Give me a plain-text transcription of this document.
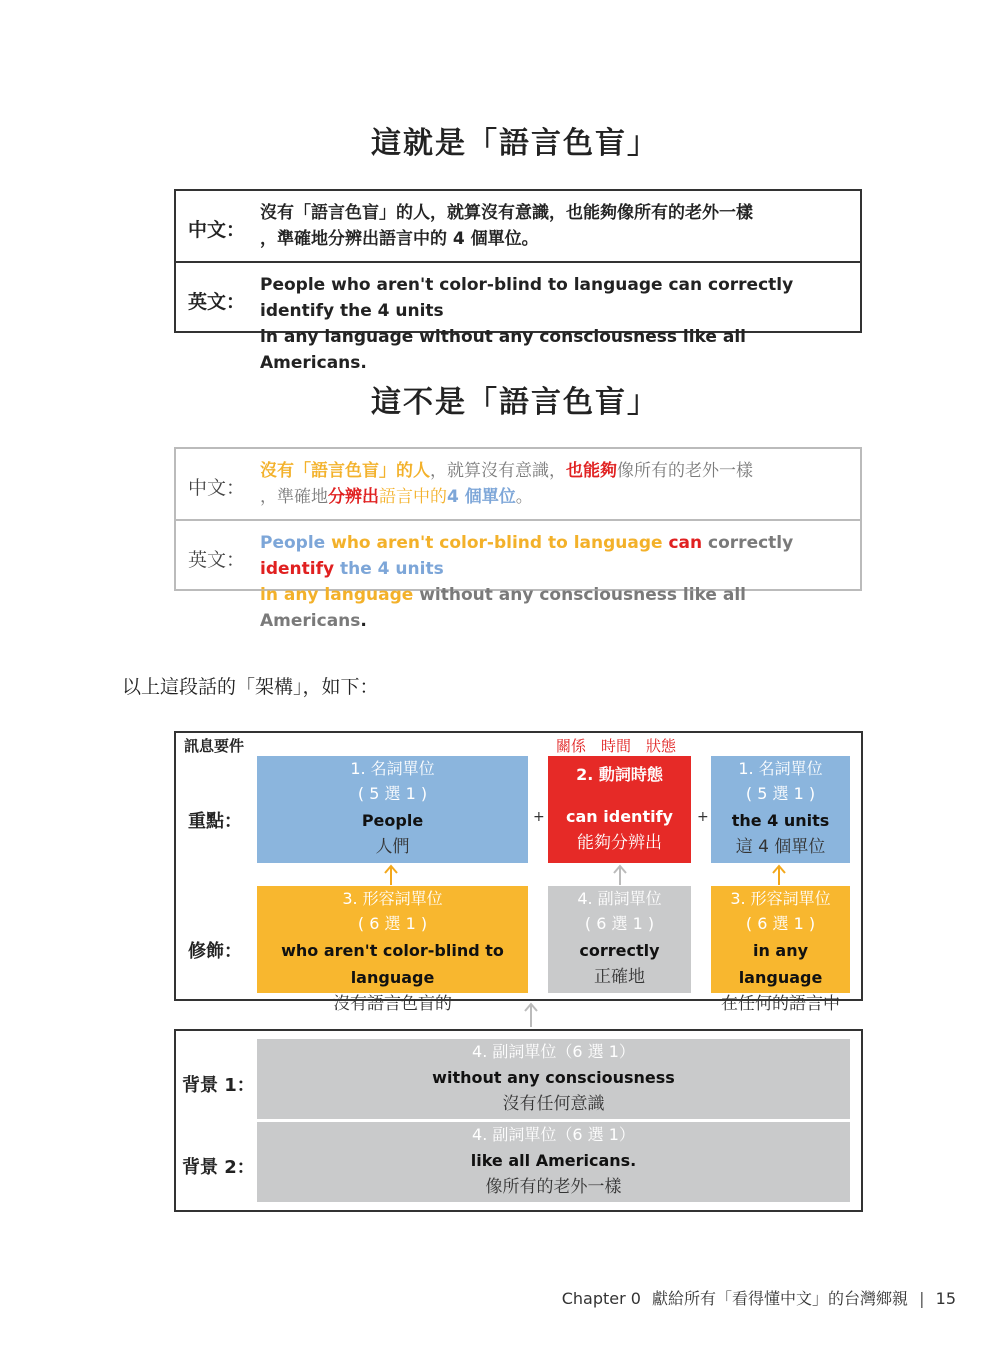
這就是「語言色盲」
中文：
沒有「語言色盲」的人，就算沒有意識，也能夠像所有的老外一樣
，準確地分辨出語言中的 4 個單位。
英文：
People who aren't color-blind to language can correctly identify the 4 units
in any language without any consciousness like all Americans.
這不是「語言色盲」
中文：
沒有「語言色盲」的人，就算沒有意識，也能夠像所有的老外一樣
，準確地分辨出語言中的4 個單位。
英文：
People who aren't color-blind to language can correctly identify the 4 units
in any language without any consciousness like all Americans.
以上這段話的「架構」，如下：
訊息要件	關係　時間　狀態
重點：
修飾：
1. 名詞單位
( 5 選 1 )
People
人們
+
2. 動詞時態
can identify
能夠分辨出
+
1. 名詞單位
( 5 選 1 )
the 4 units
這 4 個單位
3. 形容詞單位
( 6 選 1 )
who aren't color-blind to language
沒有語言色盲的
4. 副詞單位
( 6 選 1 )
correctly
正確地
3. 形容詞單位
( 6 選 1 )
in any language
在任何的語言中
背景 1：
背景 2：
4. 副詞單位（6 選 1）
without any consciousness
沒有任何意識
4. 副詞單位（6 選 1）
like all Americans.
像所有的老外一樣
Chapter 0 獻給所有「看得懂中文」的台灣鄉親 | 15
